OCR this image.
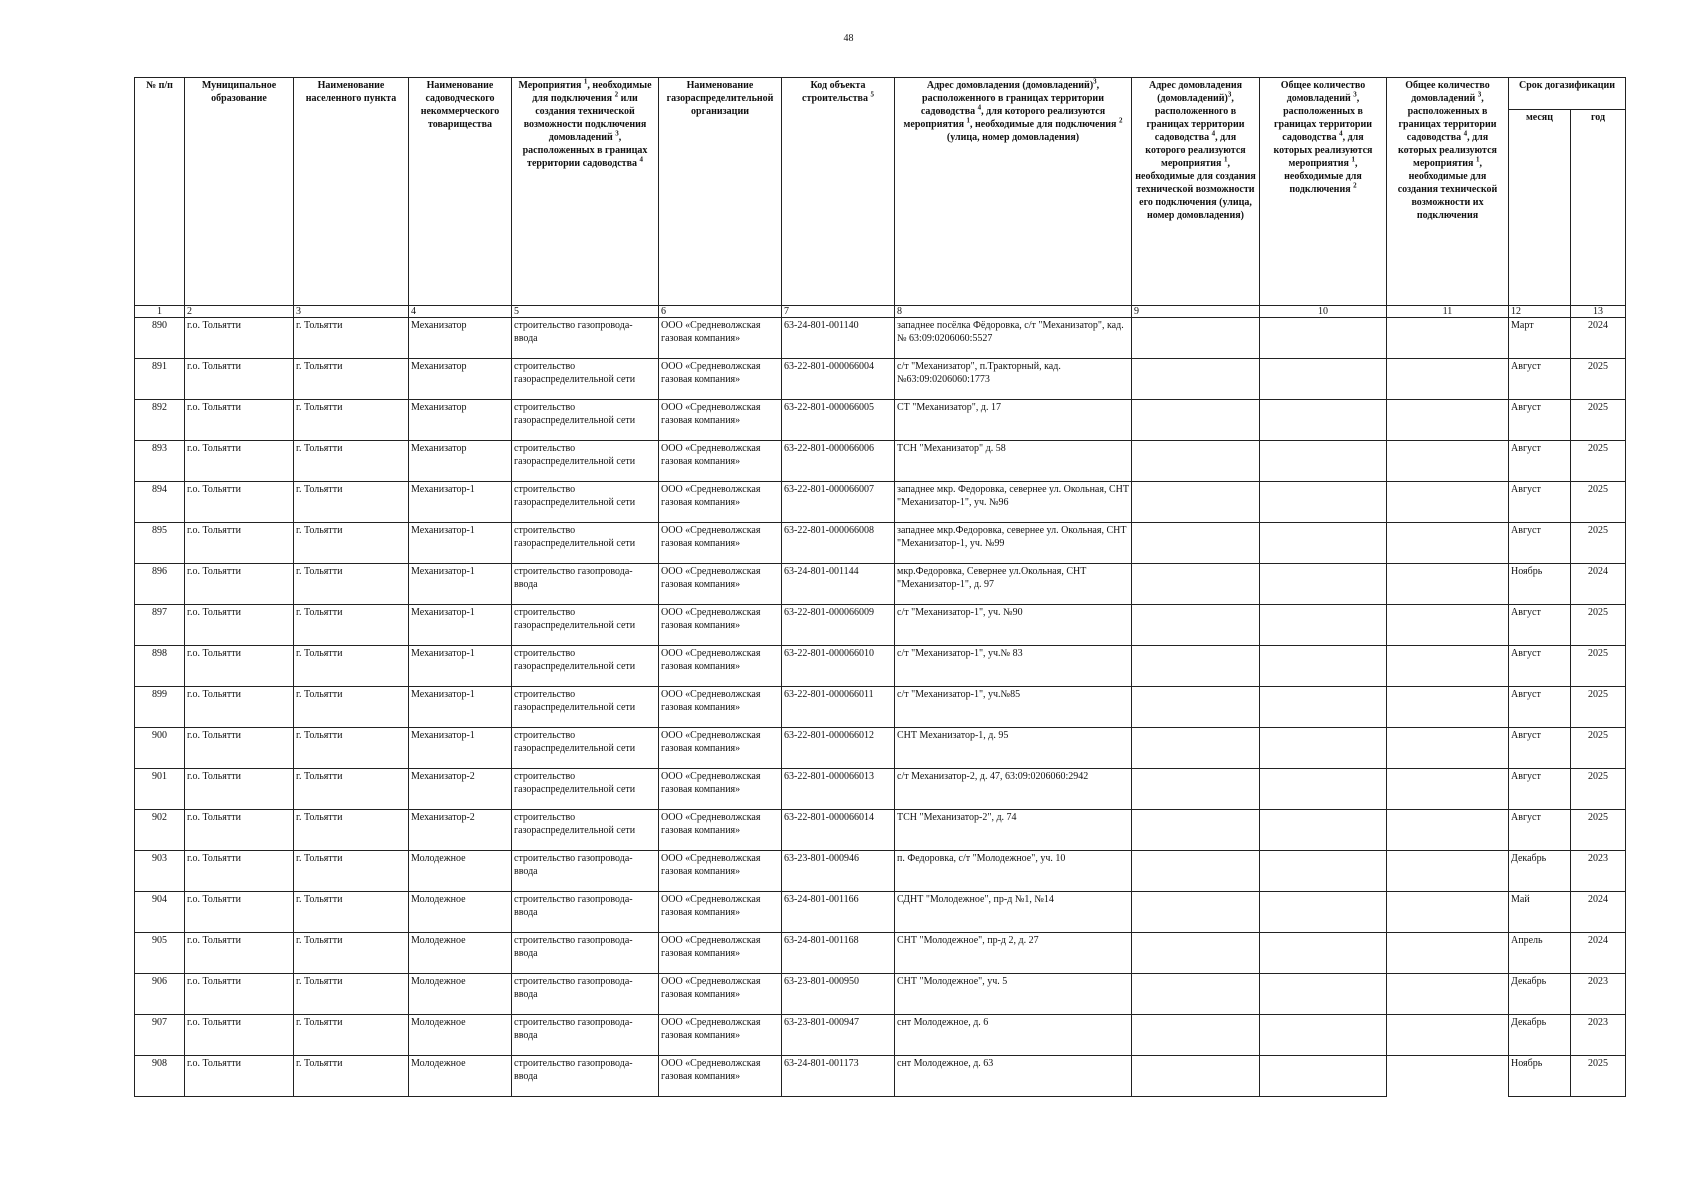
48
№ п/п	Муниципальное образование	Наименование населенного пункта	Наименование садоводческого некоммерческого товарищества	Мероприятия $^1$, необходимые для подключения $^2$ или создания технической возможности подключения домовладений $^3$, расположенных в границах территории садоводства $^4$	Наименование газораспределительной организации	Код объекта строительства $^5$	Адрес домовладения (домовладений)$^3$, расположенного в границах территории садоводства $^4$, для которого реализуются мероприятия $^1$, необходимые для подключения $^2$ (улица, номер домовладения)	Адрес домовладения (домовладений)$^3$, расположенного в границах территории садоводства $^4$, для которого реализуются мероприятия $^1$, необходимые для создания технической возможности его подключения (улица, номер домовладения)	Общее количество домовладений $^3$, расположенных в границах территории садоводства $^4$, для которых реализуются мероприятия $^1$, необходимые для подключения $^2$	Общее количество домовладений $^3$, расположенных в границах территории садоводства $^4$, для которых реализуются мероприятия $^1$, необходимые для создания технической возможности их подключения	Срок догазификации	
											месяц	год
1	2	3	4	5	6	7	8	9	10	11	12	13
890	г.о. Тольятти	г. Тольятти	Механизатор	строительство газопровода-ввода	ООО «Средневолжская газовая компания»	63-24-801-001140	западнее посёлка Фёдоровка, с/т "Механизатор", кад.№ 63:09:0206060:5527				Март	2024
891	г.о. Тольятти	г. Тольятти	Механизатор	строительство газораспределительной сети	ООО «Средневолжская газовая компания»	63-22-801-000066004	с/т "Механизатор", п.Тракторный, кад.№63:09:0206060:1773				Август	2025
892	г.о. Тольятти	г. Тольятти	Механизатор	строительство газораспределительной сети	ООО «Средневолжская газовая компания»	63-22-801-000066005	СТ "Механизатор", д. 17				Август	2025
893	г.о. Тольятти	г. Тольятти	Механизатор	строительство газораспределительной сети	ООО «Средневолжская газовая компания»	63-22-801-000066006	ТСН "Механизатор" д. 58				Август	2025
894	г.о. Тольятти	г. Тольятти	Механизатор-1	строительство газораспределительной сети	ООО «Средневолжская газовая компания»	63-22-801-000066007	западнее мкр. Федоровка, севернее ул. Окольная, СНТ "Механизатор-1", уч. №96				Август	2025
895	г.о. Тольятти	г. Тольятти	Механизатор-1	строительство газораспределительной сети	ООО «Средневолжская газовая компания»	63-22-801-000066008	западнее мкр.Федоровка, севернее ул. Окольная, СНТ "Механизатор-1, уч. №99				Август	2025
896	г.о. Тольятти	г. Тольятти	Механизатор-1	строительство газопровода-ввода	ООО «Средневолжская газовая компания»	63-24-801-001144	мкр.Федоровка, Севернее ул.Окольная, СНТ "Механизатор-1", д. 97				Ноябрь	2024
897	г.о. Тольятти	г. Тольятти	Механизатор-1	строительство газораспределительной сети	ООО «Средневолжская газовая компания»	63-22-801-000066009	с/т "Механизатор-1", уч. №90				Август	2025
898	г.о. Тольятти	г. Тольятти	Механизатор-1	строительство газораспределительной сети	ООО «Средневолжская газовая компания»	63-22-801-000066010	с/т "Механизатор-1", уч.№ 83				Август	2025
899	г.о. Тольятти	г. Тольятти	Механизатор-1	строительство газораспределительной сети	ООО «Средневолжская газовая компания»	63-22-801-000066011	с/т "Механизатор-1", уч.№85				Август	2025
900	г.о. Тольятти	г. Тольятти	Механизатор-1	строительство газораспределительной сети	ООО «Средневолжская газовая компания»	63-22-801-000066012	СНТ Механизатор-1, д. 95				Август	2025
901	г.о. Тольятти	г. Тольятти	Механизатор-2	строительство газораспределительной сети	ООО «Средневолжская газовая компания»	63-22-801-000066013	с/т Механизатор-2, д. 47, 63:09:0206060:2942				Август	2025
902	г.о. Тольятти	г. Тольятти	Механизатор-2	строительство газораспределительной сети	ООО «Средневолжская газовая компания»	63-22-801-000066014	ТСН "Механизатор-2", д. 74				Август	2025
903	г.о. Тольятти	г. Тольятти	Молодежное	строительство газопровода-ввода	ООО «Средневолжская газовая компания»	63-23-801-000946	п. Федоровка, с/т "Молодежное", уч. 10				Декабрь	2023
904	г.о. Тольятти	г. Тольятти	Молодежное	строительство газопровода-ввода	ООО «Средневолжская газовая компания»	63-24-801-001166	СДНТ "Молодежное", пр-д №1, №14				Май	2024
905	г.о. Тольятти	г. Тольятти	Молодежное	строительство газопровода-ввода	ООО «Средневолжская газовая компания»	63-24-801-001168	СНТ "Молодежное", пр-д 2, д. 27				Апрель	2024
906	г.о. Тольятти	г. Тольятти	Молодежное	строительство газопровода-ввода	ООО «Средневолжская газовая компания»	63-23-801-000950	СНТ "Молодежное", уч. 5				Декабрь	2023
907	г.о. Тольятти	г. Тольятти	Молодежное	строительство газопровода-ввода	ООО «Средневолжская газовая компания»	63-23-801-000947	снт Молодежное, д. 6				Декабрь	2023
908	г.о. Тольятти	г. Тольятти	Молодежное	строительство газопровода-ввода	ООО «Средневолжская газовая компания»	63-24-801-001173	снт Молодежное, д. 63				Ноябрь	2025
